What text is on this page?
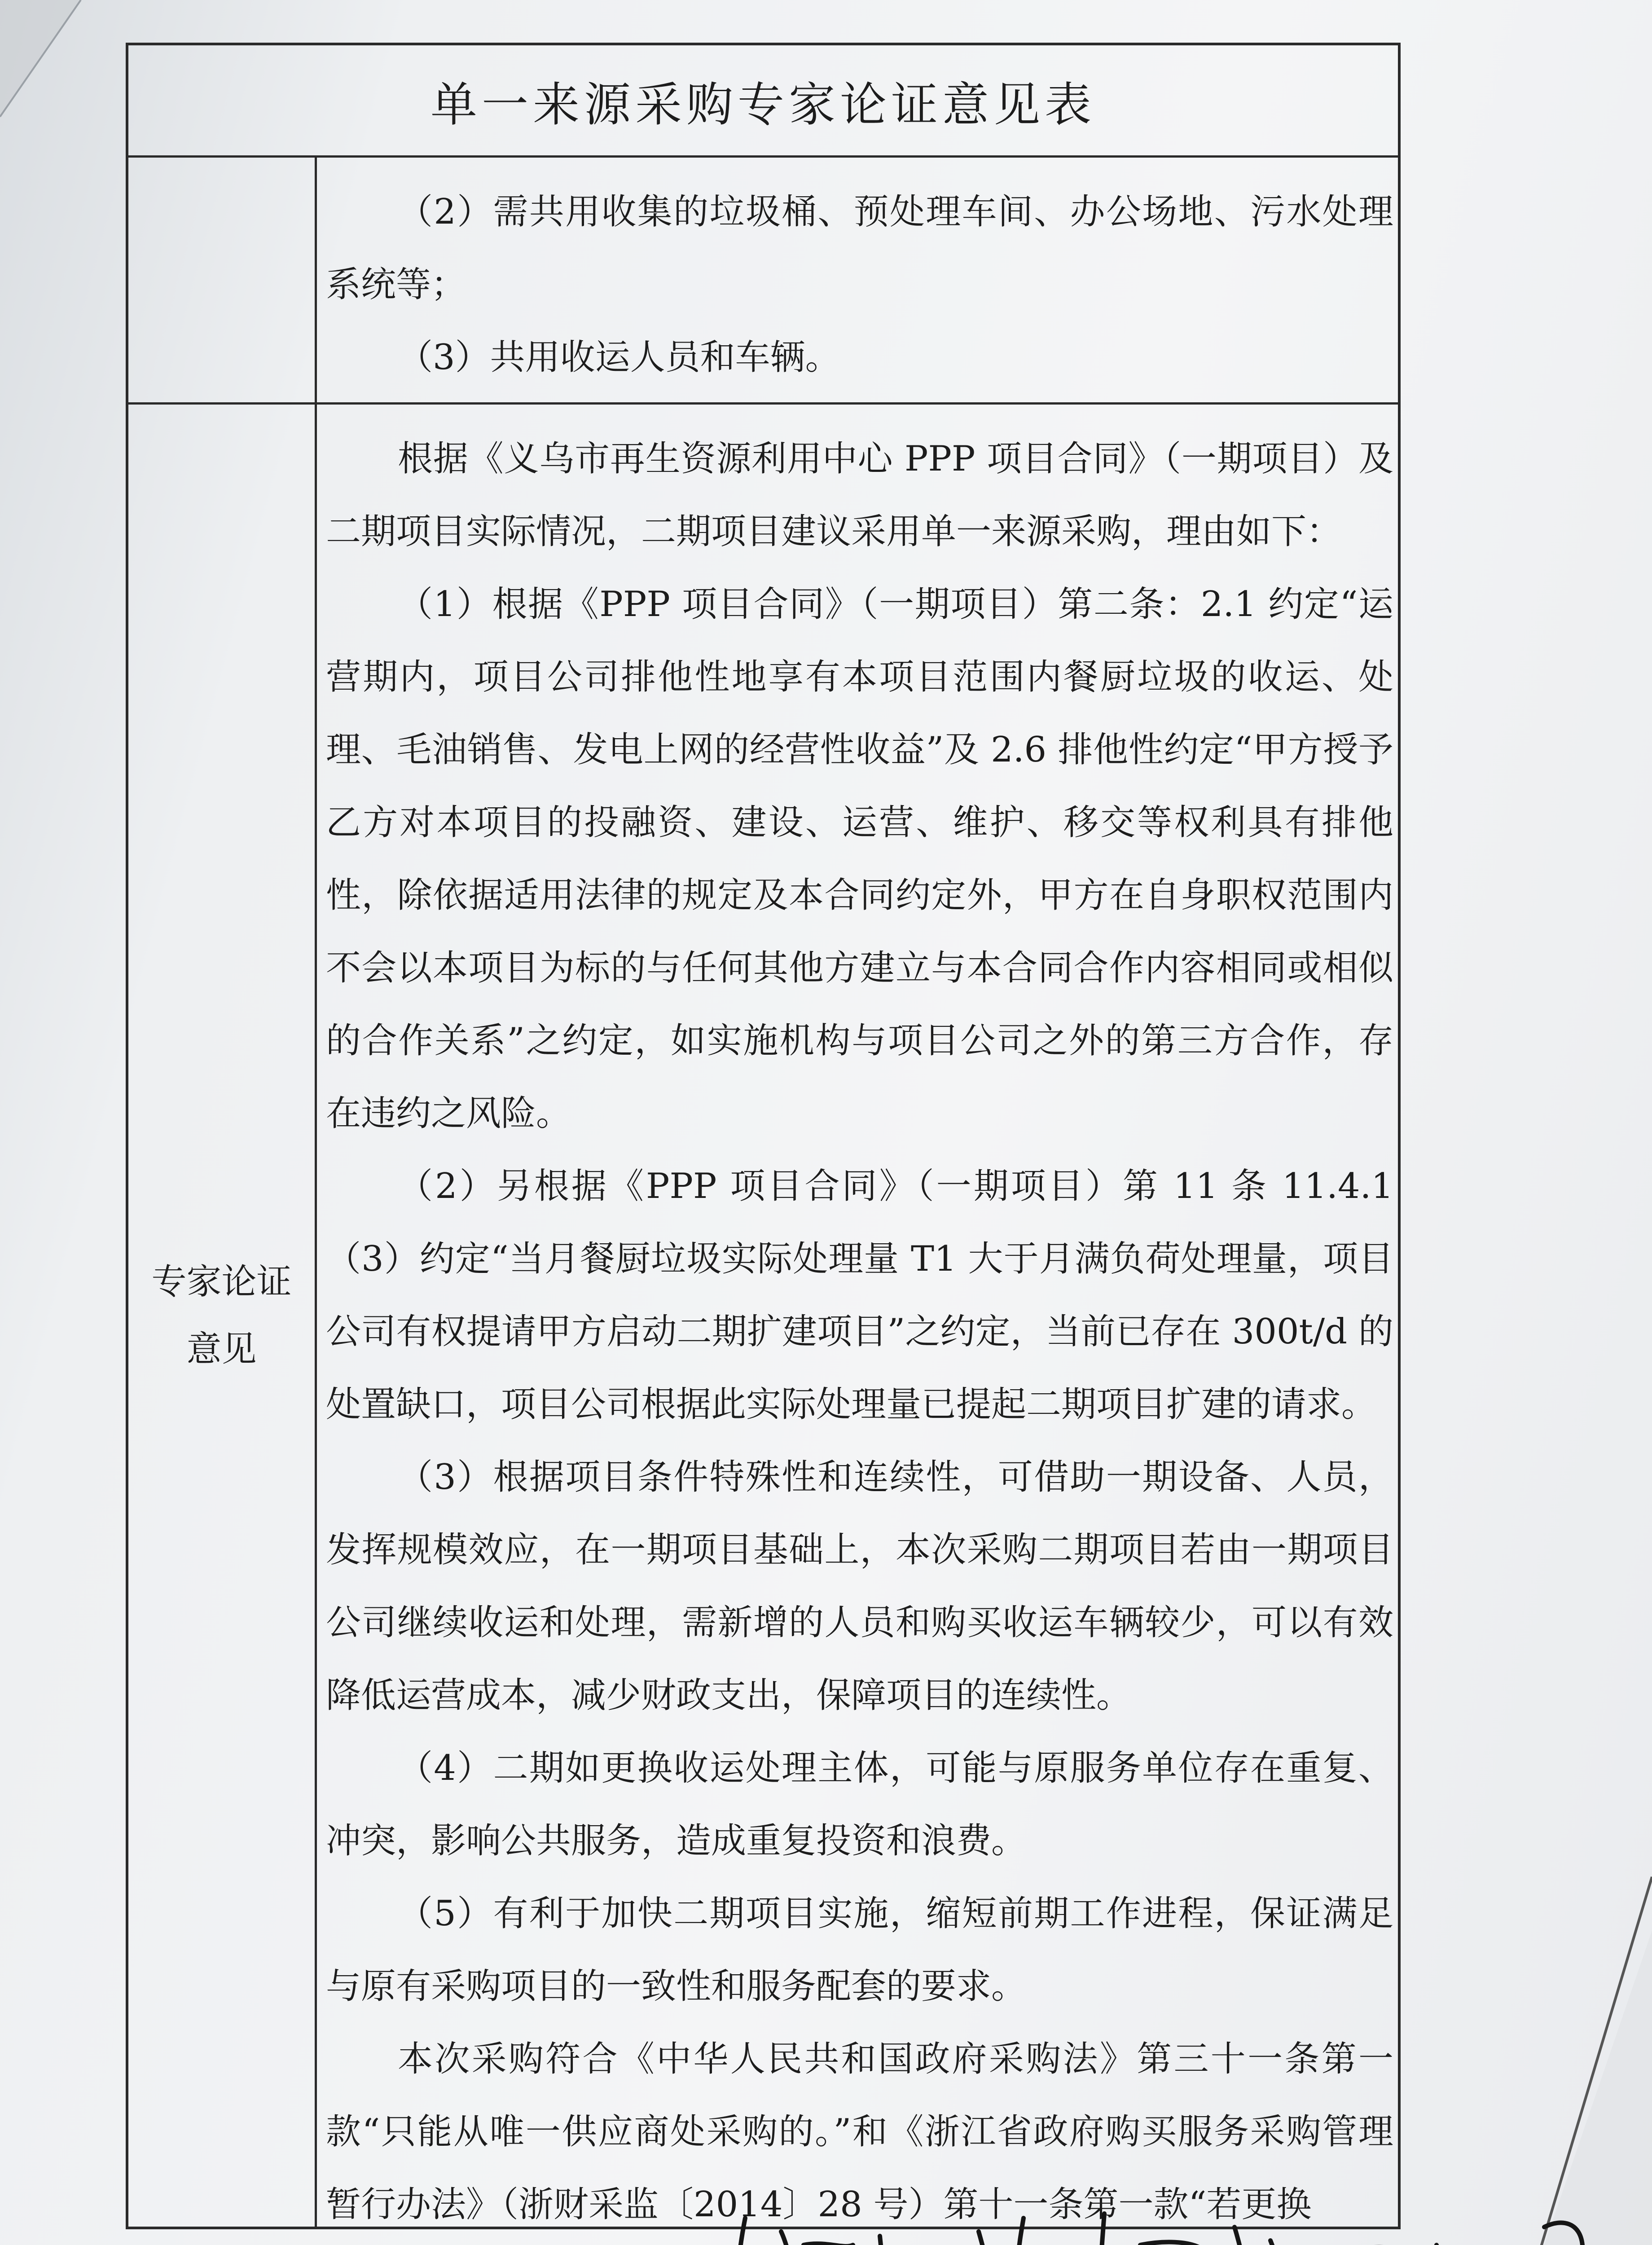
单一来源采购专家论证意见表

（2）需共用收集的垃圾桶、预处理车间、办公场地、污水处理系统等；

（3）共用收运人员和车辆。

专家论证意见

根据《义乌市再生资源利用中心 PPP 项目合同》（一期项目）及二期项目实际情况，二期项目建议采用单一来源采购，理由如下：

（1）根据《PPP 项目合同》（一期项目）第二条：2.1 约定“运营期内，项目公司排他性地享有本项目范围内餐厨垃圾的收运、处理、毛油销售、发电上网的经营性收益”及 2.6 排他性约定“甲方授予乙方对本项目的投融资、建设、运营、维护、移交等权利具有排他性，除依据适用法律的规定及本合同约定外，甲方在自身职权范围内不会以本项目为标的与任何其他方建立与本合同合作内容相同或相似的合作关系”之约定，如实施机构与项目公司之外的第三方合作，存在违约之风险。

（2）另根据《PPP 项目合同》（一期项目）第 11 条 11.4.1（3）约定“当月餐厨垃圾实际处理量 T1 大于月满负荷处理量，项目公司有权提请甲方启动二期扩建项目”之约定，当前已存在 300t/d 的处置缺口，项目公司根据此实际处理量已提起二期项目扩建的请求。

（3）根据项目条件特殊性和连续性，可借助一期设备、人员，发挥规模效应，在一期项目基础上，本次采购二期项目若由一期项目公司继续收运和处理，需新增的人员和购买收运车辆较少，可以有效降低运营成本，减少财政支出，保障项目的连续性。

（4）二期如更换收运处理主体，可能与原服务单位存在重复、冲突，影响公共服务，造成重复投资和浪费。

（5）有利于加快二期项目实施，缩短前期工作进程，保证满足与原有采购项目的一致性和服务配套的要求。

本次采购符合《中华人民共和国政府采购法》第三十一条第一款“只能从唯一供应商处采购的。”和《浙江省政府购买服务采购管理暂行办法》（浙财采监〔2014〕28 号）第十一条第一款“若更换
